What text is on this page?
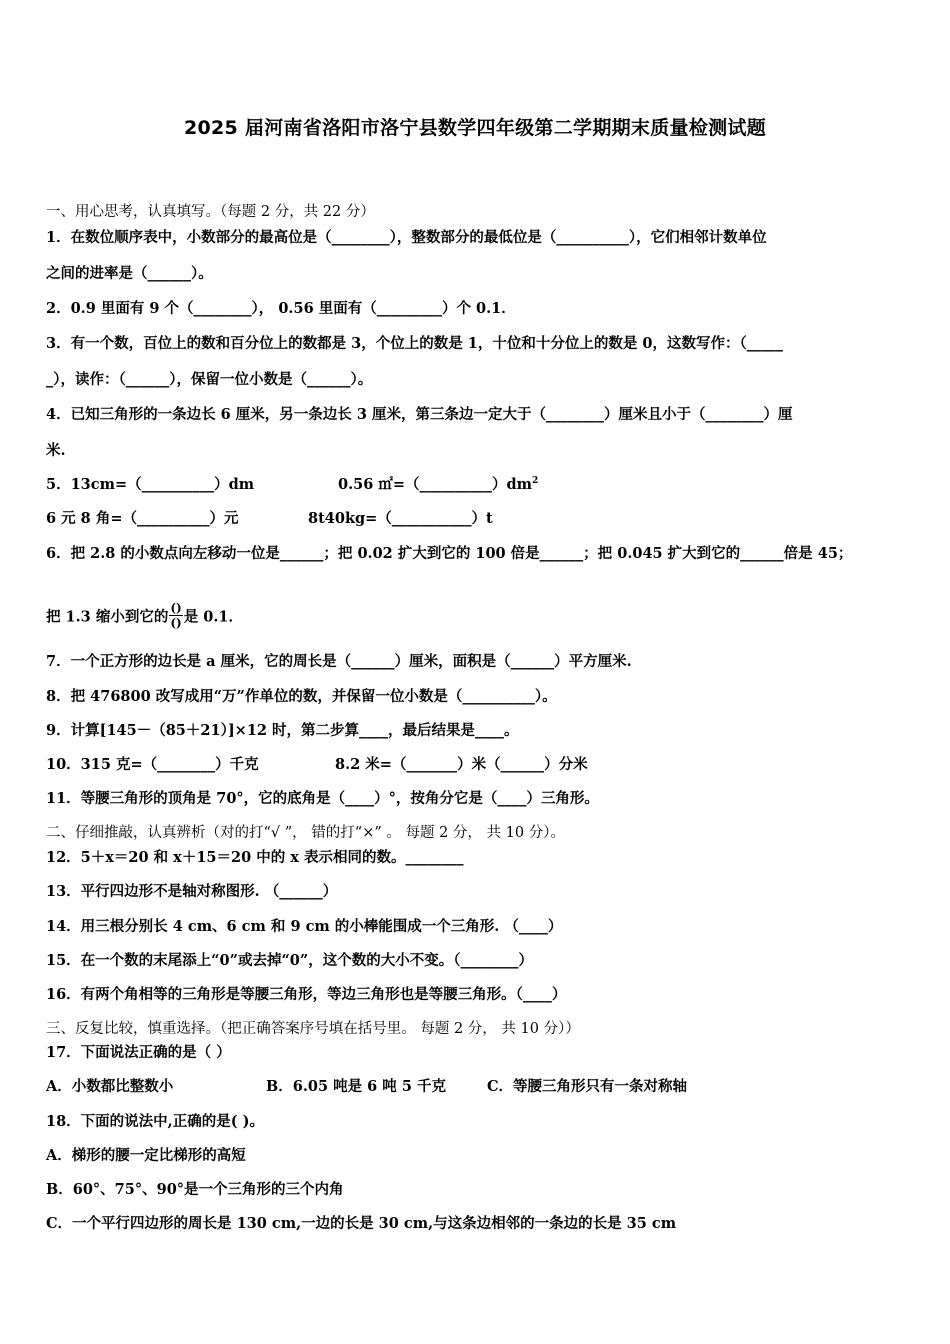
2025 届河南省洛阳市洛宁县数学四年级第二学期期末质量检测试题
一、用心思考，认真填写。（每题 2 分，共 22 分）
1．在数位顺序表中，小数部分的最高位是（________），整数部分的最低位是（__________），它们相邻计数单位
之间的进率是（______）。
2．0.9 里面有 9 个（________）， 0.56 里面有（_________）个 0.1．
3．有一个数，百位上的数和百分位上的数都是 3，个位上的数是 1，十位和十分位上的数是 0，这数写作：（_____
_），读作：（______），保留一位小数是（______）。
4．已知三角形的一条边长 6 厘米，另一条边长 3 厘米，第三条边一定大于（________）厘米且小于（________）厘
米.
5．13cm=（__________）dm	0.56 $㎡=(\_\_\_\_\_\_\_\_\_\_)dm^2$
6 元 8 角=（__________）元	8t40kg=（___________）t
6．把 2.8 的小数点向左移动一位是______；把 0.02 扩大到它的 100 倍是______；把 0.045 扩大到它的______倍是 45；
把 1.3 缩小到它的 $\frac{()}{()}$ 是 0.1．
7．一个正方形的边长是 a 厘米，它的周长是（______）厘米，面积是（______）平方厘米.
8．把 476800 改写成用“万”作单位的数，并保留一位小数是（__________）。
9．计算[145－（85＋21）]×12 时，第二步算____，最后结果是____。
10．315 克=（________）千克	8.2 米=（_______）米（______）分米
11．等腰三角形的顶角是 70°，它的底角是（____）°，按角分它是（____）三角形。
二、仔细推敲，认真辨析（对的打“√ ”， 错的打“×” 。 每题 2 分， 共 10 分）。
12．5＋x＝20 和 x＋15＝20 中的 x 表示相同的数。________
13．平行四边形不是轴对称图形. （______）
14．用三根分别长 4 cm、6 cm 和 9 cm 的小棒能围成一个三角形. （____）
15．在一个数的末尾添上“0”或去掉“0”，这个数的大小不变。（________）
16．有两个角相等的三角形是等腰三角形，等边三角形也是等腰三角形。（____）
三、反复比较，慎重选择。（把正确答案序号填在括号里。 每题 2 分， 共 10 分））
17．下面说法正确的是（ ）
A．小数都比整数小	B．6.05 吨是 6 吨 5 千克	C．等腰三角形只有一条对称轴
18．下面的说法中,正确的是( )。
A．梯形的腰一定比梯形的高短
B．60°、75°、90°是一个三角形的三个内角
C．一个平行四边形的周长是 130 cm,一边的长是 30 cm,与这条边相邻的一条边的长是 35 cm
